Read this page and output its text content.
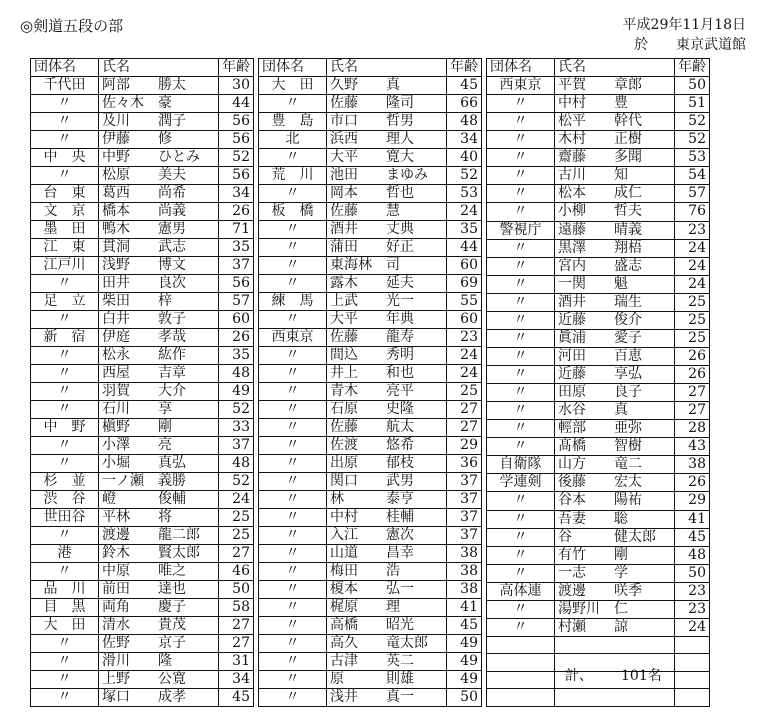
◎剣道五段の部	平成29年11月18日
於 東京武道館
団体名	氏名	年齢
千代田	阿部　　勝太	30
〃	佐々木　豪	44
〃	及川　　潤子	56
〃	伊藤　　修	56
中　央	中野　　ひとみ	52
〃	松原　　美夫	56
台　東	葛西　　尚希	34
文　京	橋本　　尚義	26
墨　田	鴨木　　憲男	71
江　東	貫洞　　武志	35
江戸川	浅野　　博文	37
〃	田井　　良次	56
足　立	柴田　　梓	57
〃	白井　　敦子	60
新　宿	伊庭　　孝哉	26
〃	松永　　紘作	35
〃	西屋　　吉章	48
〃	羽賀　　大介	49
〃	石川　　享	52
中　野	槇野　　剛	33
〃	小澤　　亮	37
〃	小堀　　真弘	48
杉　並	一ノ瀬　義勝	52
渋　谷	嶝　　　俊輔	24
世田谷	平林　　将	25
〃	渡邊　　龍二郎	25
港	鈴木　　賢太郎	27
〃	中原　　唯之	46
品　川	前田　　達也	50
目　黒	両角　　慶子	58
大　田	清水　　貴茂	27
〃	佐野　　京子	27
〃	滑川　　隆	31
〃	上野　　公寛	34
〃	塚口　　成孝	45
団体名	氏名	年齢
大　田	久野　　真	45
〃	佐藤　　隆司	66
豊　島	市口　　哲男	48
北	浜西　　理人	34
〃	大平　　寛大	40
荒　川	池田　　まゆみ	52
〃	岡本　　哲也	53
板　橋	佐藤　　慧	24
〃	酒井　　丈典	35
〃	蒲田　　好正	44
〃	東海林　司	60
〃	露木　　延夫	69
練　馬	上武　　光一	55
〃	大平　　年典	60
西東京	佐藤　　龍寿	23
〃	間込　　秀明	24
〃	井上　　和也	24
〃	青木　　亮平	25
〃	石原　　史隆	27
〃	佐藤　　航太	27
〃	佐渡　　悠希	29
〃	出原　　郁枝	36
〃	関口　　武男	37
〃	林　　　泰亨	37
〃	中村　　桂輔	37
〃	入江　　憲次	37
〃	山道　　昌幸	38
〃	梅田　　浩	38
〃	榎本　　弘一	38
〃	梶原　　理	41
〃	高橋　　昭光	45
〃	高久　　竜太郎	49
〃	古津　　英二	49
〃	原　　　則雄	49
〃	浅井　　真一	50
団体名	氏名	年齢
西東京	平賀　　章郎	50
〃	中村　　豊	51
〃	松平　　幹代	52
〃	木村　　正樹	52
〃	齋藤　　多聞	53
〃	古川　　知	54
〃	松本　　成仁	57
〃	小柳　　哲夫	76
警視庁	遠藤　　晴義	23
〃	黒澤　　翔梧	24
〃	宮内　　盛志	24
〃	一関　　魁	24
〃	酒井　　瑞生	25
〃	近藤　　俊介	25
〃	眞浦　　愛子	25
〃	河田　　百恵	26
〃	近藤　　享弘	26
〃	田原　　良子	27
〃	水谷　　真	27
〃	輕部　　亜弥	28
〃	髙橋　　智樹	43
自衛隊	山方　　竜二	38
学連剣	後藤　　宏太	26
〃	谷本　　陽祐	29
〃	吾妻　　聡	41
〃	谷　　　健太郎	45
〃	有竹　　剛	48
〃	一志　　学	50
高体連	渡邊　　咲季	23
〃	湯野川　仁	23
〃	村瀬　　諒	24

計、 101名
